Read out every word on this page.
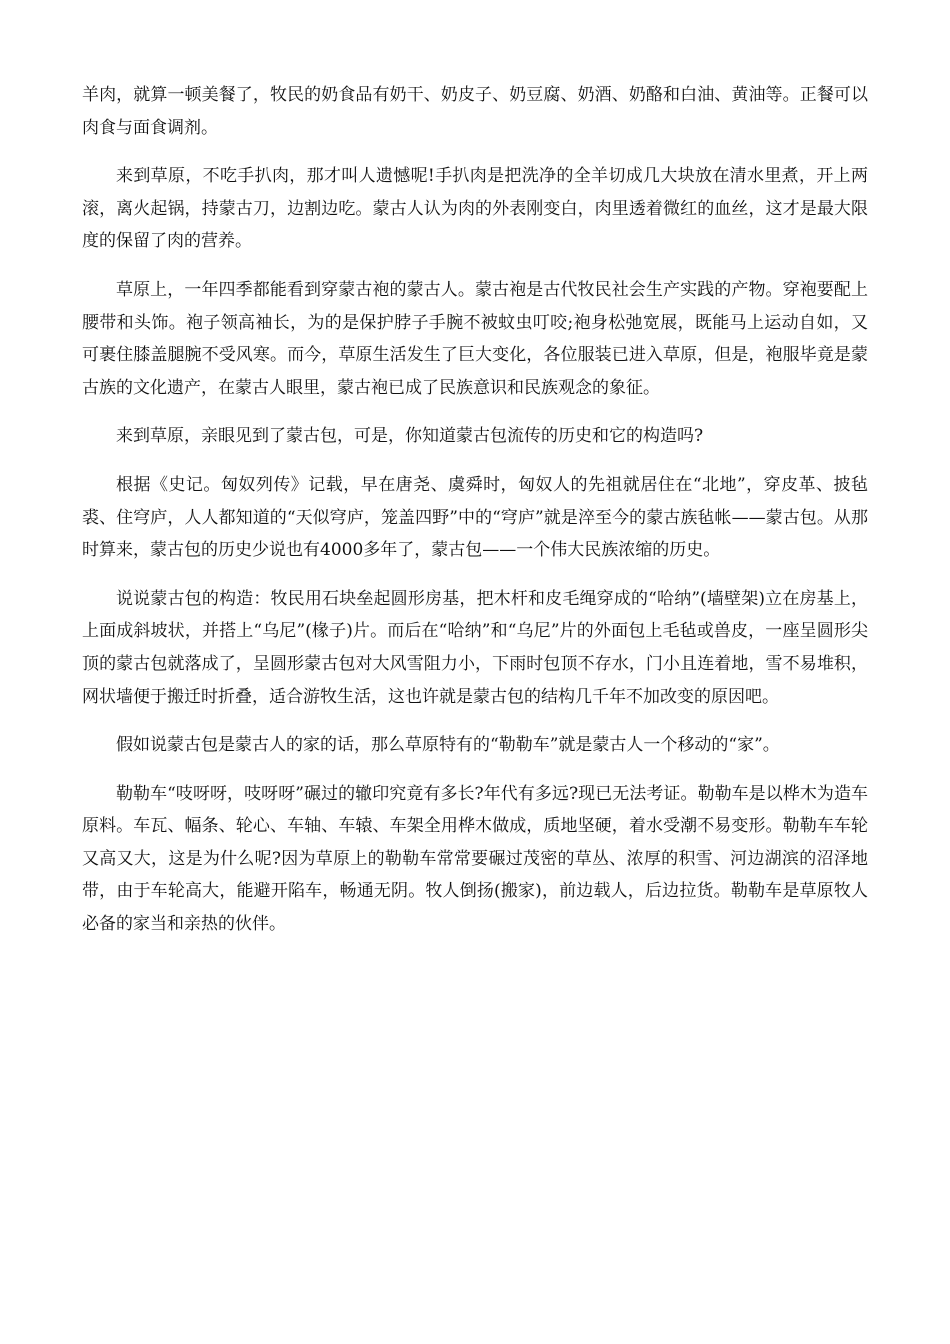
羊肉，就算一顿美餐了，牧民的奶食品有奶干、奶皮子、奶豆腐、奶酒、奶酪和白油、黄油等。正餐可以肉食与面食调剂。

来到草原，不吃手扒肉，那才叫人遗憾呢!手扒肉是把洗净的全羊切成几大块放在清水里煮，开上两滚，离火起锅，持蒙古刀，边割边吃。蒙古人认为肉的外表刚变白，肉里透着微红的血丝，这才是最大限度的保留了肉的营养。

草原上，一年四季都能看到穿蒙古袍的蒙古人。蒙古袍是古代牧民社会生产实践的产物。穿袍要配上腰带和头饰。袍子领高袖长，为的是保护脖子手腕不被蚊虫叮咬;袍身松弛宽展，既能马上运动自如，又可裹住膝盖腿腕不受风寒。而今，草原生活发生了巨大变化，各位服装已进入草原，但是，袍服毕竟是蒙古族的文化遗产，在蒙古人眼里，蒙古袍已成了民族意识和民族观念的象征。

来到草原，亲眼见到了蒙古包，可是，你知道蒙古包流传的历史和它的构造吗?

根据《史记。匈奴列传》记载，早在唐尧、虞舜时，匈奴人的先祖就居住在“北地”，穿皮革、披毡裘、住穹庐，人人都知道的“天似穹庐，笼盖四野”中的“穹庐”就是淬至今的蒙古族毡帐——蒙古包。从那时算来，蒙古包的历史少说也有4000多年了，蒙古包——一个伟大民族浓缩的历史。

说说蒙古包的构造：牧民用石块垒起圆形房基，把木杆和皮毛绳穿成的“哈纳”(墙壁架)立在房基上，上面成斜坡状，并搭上“乌尼”(椽子)片。而后在“哈纳”和“乌尼”片的外面包上毛毡或兽皮，一座呈圆形尖顶的蒙古包就落成了，呈圆形蒙古包对大风雪阻力小，下雨时包顶不存水，门小且连着地，雪不易堆积，网状墙便于搬迁时折叠，适合游牧生活，这也许就是蒙古包的结构几千年不加改变的原因吧。

假如说蒙古包是蒙古人的家的话，那么草原特有的“勒勒车”就是蒙古人一个移动的“家”。

勒勒车“吱呀呀，吱呀呀”碾过的辙印究竟有多长?年代有多远?现已无法考证。勒勒车是以桦木为造车原料。车瓦、幅条、轮心、车轴、车辕、车架全用桦木做成，质地坚硬，着水受潮不易变形。勒勒车车轮又高又大，这是为什么呢?因为草原上的勒勒车常常要碾过茂密的草丛、浓厚的积雪、河边湖滨的沼泽地带，由于车轮高大，能避开陷车，畅通无阴。牧人倒扬(搬家)，前边载人，后边拉货。勒勒车是草原牧人必备的家当和亲热的伙伴。
